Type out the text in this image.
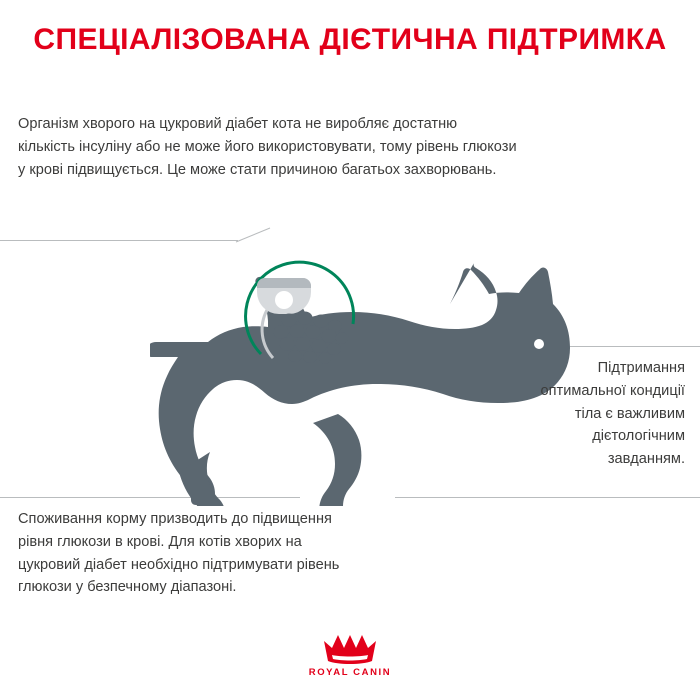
СПЕЦІАЛІЗОВАНА ДІЄТИЧНА ПІДТРИМКА
Організм хворого на цукровий діабет кота не виробляє достатню кількість інсуліну або не може його використовувати, тому рівень глюкози у крові підвищується. Це може стати причиною багатьох захворювань.
Підтримання оптимальної кондиції тіла є важливим дієтологічним завданням.
Споживання корму призводить до підвищення рівня глюкози в крові. Для котів хворих на цукровий діабет необхідно підтримувати рівень глюкози у безпечному діапазоні.
ROYAL CANIN
